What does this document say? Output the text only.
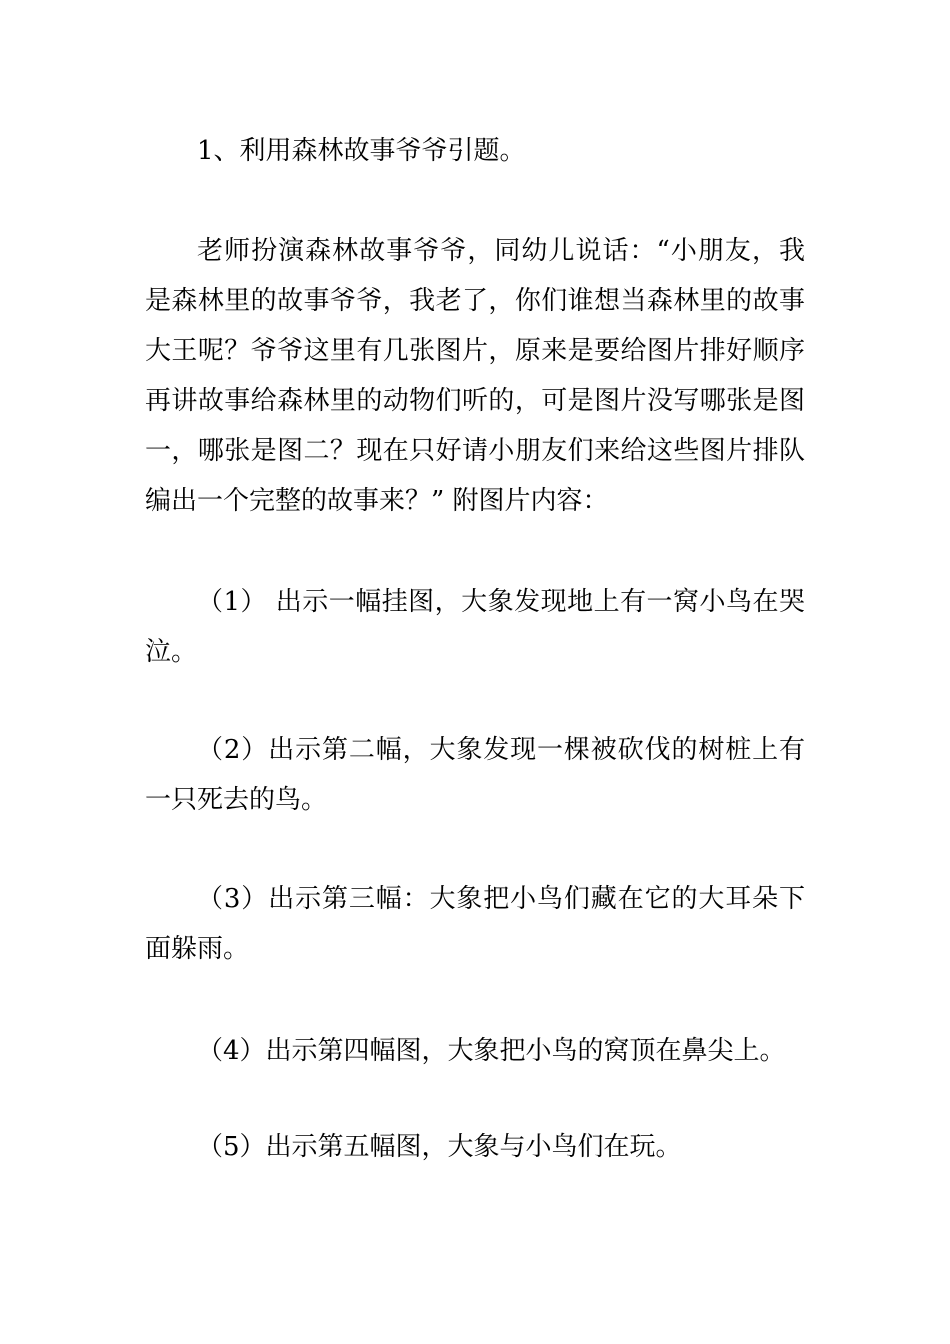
1、利用森林故事爷爷引题。

老师扮演森林故事爷爷，同幼儿说话：“小朋友，我是森林里的故事爷爷，我老了，你们谁想当森林里的故事大王呢？爷爷这里有几张图片，原来是要给图片排好顺序再讲故事给森林里的动物们听的，可是图片没写哪张是图一，哪张是图二？现在只好请小朋友们来给这些图片排队编出一个完整的故事来？” 附图片内容：

（1） 出示一幅挂图，大象发现地上有一窝小鸟在哭泣。

（2）出示第二幅，大象发现一棵被砍伐的树桩上有一只死去的鸟。

（3）出示第三幅：大象把小鸟们藏在它的大耳朵下面躲雨。

（4）出示第四幅图，大象把小鸟的窝顶在鼻尖上。

（5）出示第五幅图，大象与小鸟们在玩。
